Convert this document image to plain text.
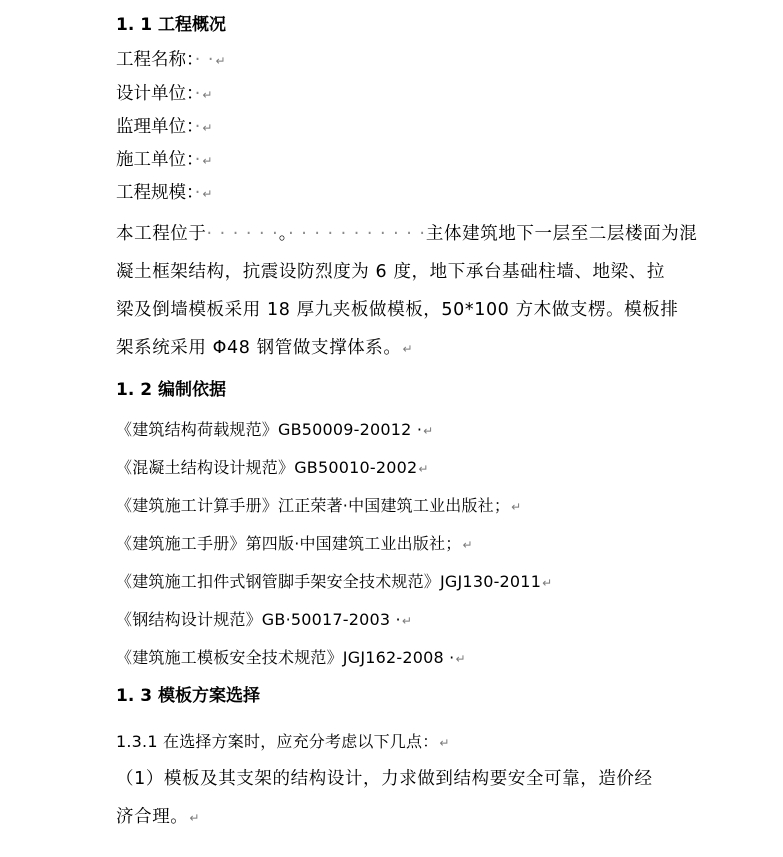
1. 1 工程概况
工程名称：· ·↵
设计单位：·↵
监理单位：·↵
施工单位：·↵
工程规模：·↵
本工程位于· · · · · ·。· · · · · · · · · · ·主体建筑地下一层至二层楼面为混
凝土框架结构，抗震设防烈度为 6 度，地下承台基础柱墙、地梁、拉
梁及倒墙模板采用 18 厚九夹板做模板，50*100 方木做支楞。模板排
架系统采用 Φ48 钢管做支撑体系。↵
1. 2 编制依据
《建筑结构荷载规范》GB50009-20012 ·↵
《混凝土结构设计规范》GB50010-2002↵
《建筑施工计算手册》江正荣著·中国建筑工业出版社；↵
《建筑施工手册》第四版·中国建筑工业出版社；↵
《建筑施工扣件式钢管脚手架安全技术规范》JGJ130-2011↵
《钢结构设计规范》GB·50017-2003 ·↵
《建筑施工模板安全技术规范》JGJ162-2008 ·↵
1. 3 模板方案选择
1.3.1 在选择方案时，应充分考虑以下几点：↵
（1）模板及其支架的结构设计，力求做到结构要安全可靠，造价经
济合理。↵
